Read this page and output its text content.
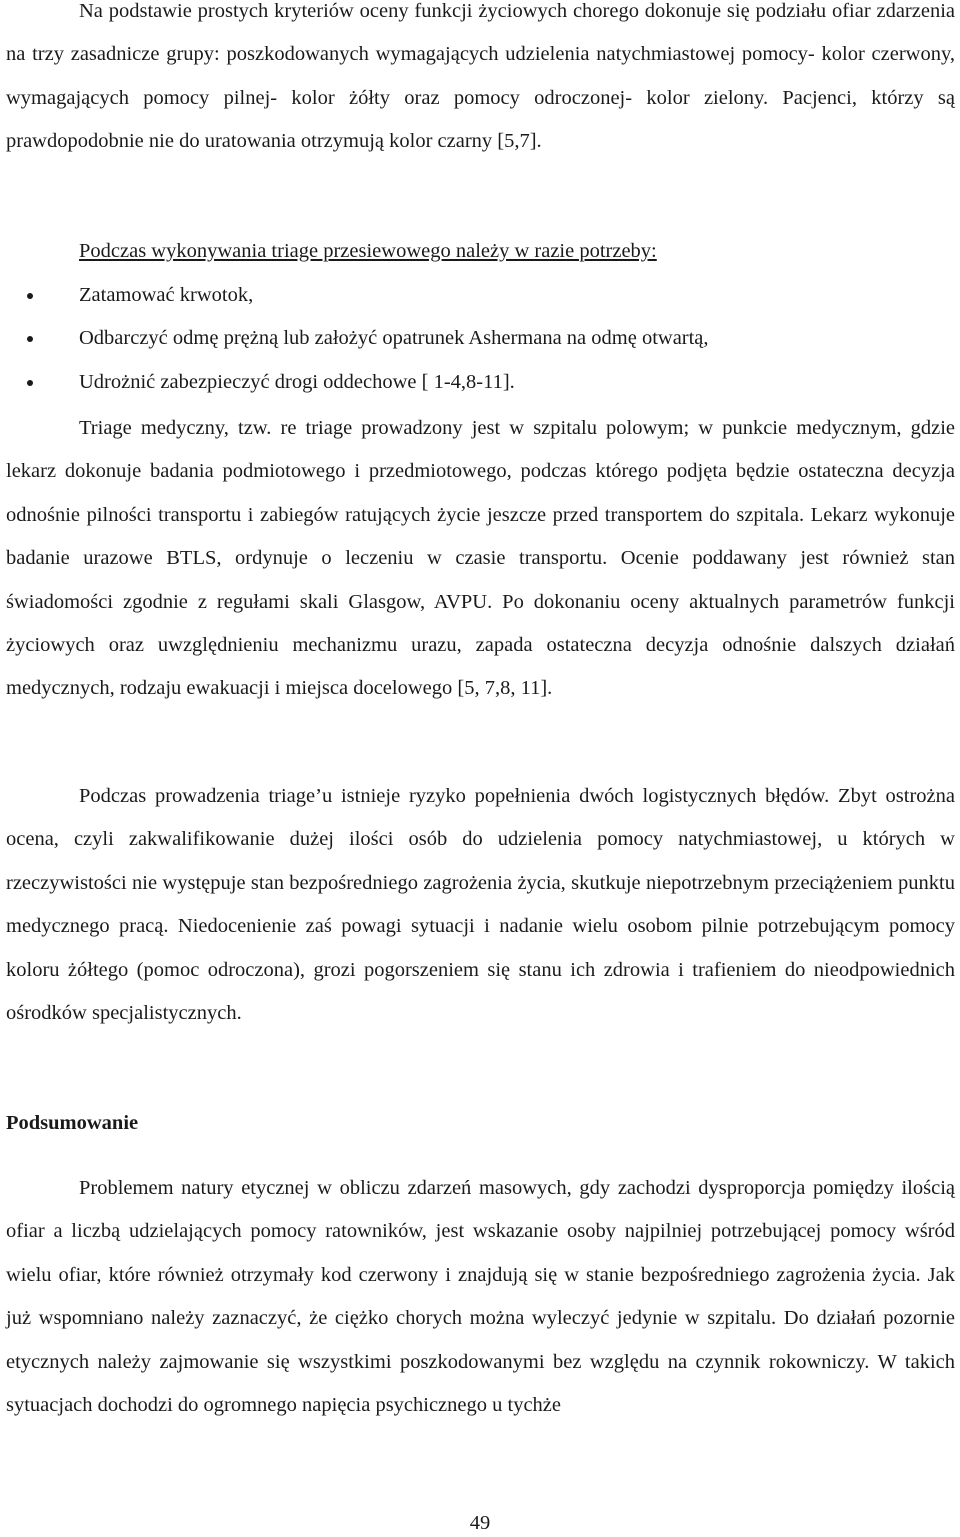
Na podstawie prostych kryteriów oceny funkcji życiowych chorego dokonuje się podziału ofiar zdarzenia na trzy zasadnicze grupy: poszkodowanych wymagających udzielenia natychmiastowej pomocy- kolor czerwony, wymagających pomocy pilnej- kolor żółty oraz pomocy odroczonej- kolor zielony. Pacjenci, którzy są prawdopodobnie nie do uratowania otrzymują kolor czarny [5,7].

Podczas wykonywania triage przesiewowego należy w razie potrzeby:

Zatamować krwotok,
Odbarczyć odmę prężną lub założyć opatrunek Ashermana na odmę otwartą,
Udrożnić zabezpieczyć drogi oddechowe [ 1-4,8-11].

Triage medyczny, tzw. re triage prowadzony jest w szpitalu polowym; w punkcie medycznym, gdzie lekarz dokonuje badania podmiotowego i przedmiotowego, podczas którego podjęta będzie ostateczna decyzja odnośnie pilności transportu i zabiegów ratujących życie jeszcze przed transportem do szpitala. Lekarz wykonuje badanie urazowe BTLS, ordynuje o leczeniu w czasie transportu. Ocenie poddawany jest również stan świadomości zgodnie z regułami skali Glasgow, AVPU. Po dokonaniu oceny aktualnych parametrów funkcji życiowych oraz uwzględnieniu mechanizmu urazu, zapada ostateczna decyzja odnośnie dalszych działań medycznych, rodzaju ewakuacji i miejsca docelowego [5, 7,8, 11].

Podczas prowadzenia triage’u istnieje ryzyko popełnienia dwóch logistycznych błędów. Zbyt ostrożna ocena, czyli zakwalifikowanie dużej ilości osób do udzielenia pomocy natychmiastowej, u których w rzeczywistości nie występuje stan bezpośredniego zagrożenia życia, skutkuje niepotrzebnym przeciążeniem punktu medycznego pracą. Niedocenienie zaś powagi sytuacji i nadanie wielu osobom pilnie potrzebującym pomocy koloru żółtego (pomoc odroczona), grozi pogorszeniem się stanu ich zdrowia i trafieniem do nieodpowiednich ośrodków specjalistycznych.

Podsumowanie

Problemem natury etycznej w obliczu zdarzeń masowych, gdy zachodzi dysproporcja pomiędzy ilością ofiar a liczbą udzielających pomocy ratowników, jest wskazanie osoby najpilniej potrzebującej pomocy wśród wielu ofiar, które również otrzymały kod czerwony i znajdują się w stanie bezpośredniego zagrożenia życia. Jak już wspomniano należy zaznaczyć, że ciężko chorych można wyleczyć jedynie w szpitalu. Do działań pozornie etycznych należy zajmowanie się wszystkimi poszkodowanymi bez względu na czynnik rokowniczy. W takich sytuacjach dochodzi do ogromnego napięcia psychicznego u tychże

49
